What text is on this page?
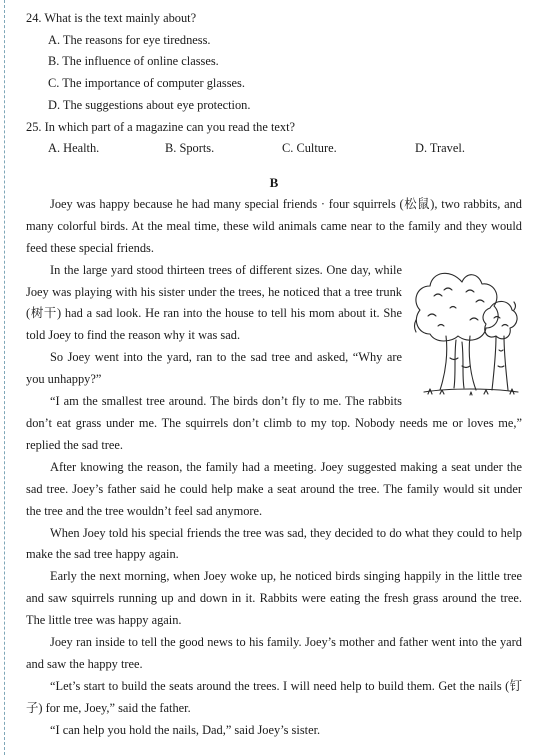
24. What is the text mainly about?

A. The reasons for eye tiredness.

B. The influence of online classes.

C. The importance of computer glasses.

D. The suggestions about eye protection.

25. In which part of a magazine can you read the text?

A. Health.	B. Sports.	C. Culture.	D. Travel.
B

Joey was happy because he had many special friends · four squirrels (松鼠), two rabbits, and many colorful birds. At the meal time, these wild animals came near to the family and they would feed these special friends.

In the large yard stood thirteen trees of different sizes. One day, while Joey was playing with his sister under the trees, he noticed that a tree trunk (树干) had a sad look. He ran into the house to tell his mom about it. She told Joey to find the reason why it was sad.

So Joey went into the yard, ran to the sad tree and asked, “Why are you unhappy?”

“I am the smallest tree around. The birds don’t fly to me. The rabbits don’t eat grass under me. The squirrels don’t climb to my top. Nobody needs me or loves me,” replied the sad tree.

After knowing the reason, the family had a meeting. Joey suggested making a seat under the sad tree. Joey’s father said he could help make a seat around the tree. The family would sit under the tree and the tree wouldn’t feel sad anymore.

When Joey told his special friends the tree was sad, they decided to do what they could to help make the sad tree happy again.

Early the next morning, when Joey woke up, he noticed birds singing happily in the little tree and saw squirrels running up and down in it. Rabbits were eating the fresh grass around the tree. The little tree was happy again.

Joey ran inside to tell the good news to his family. Joey’s mother and father went into the yard and saw the happy tree.

“Let’s start to build the seats around the trees. I will need help to build them. Get the nails (钉子) for me, Joey,” said the father.

“I can help you hold the nails, Dad,” said Joey’s sister.
